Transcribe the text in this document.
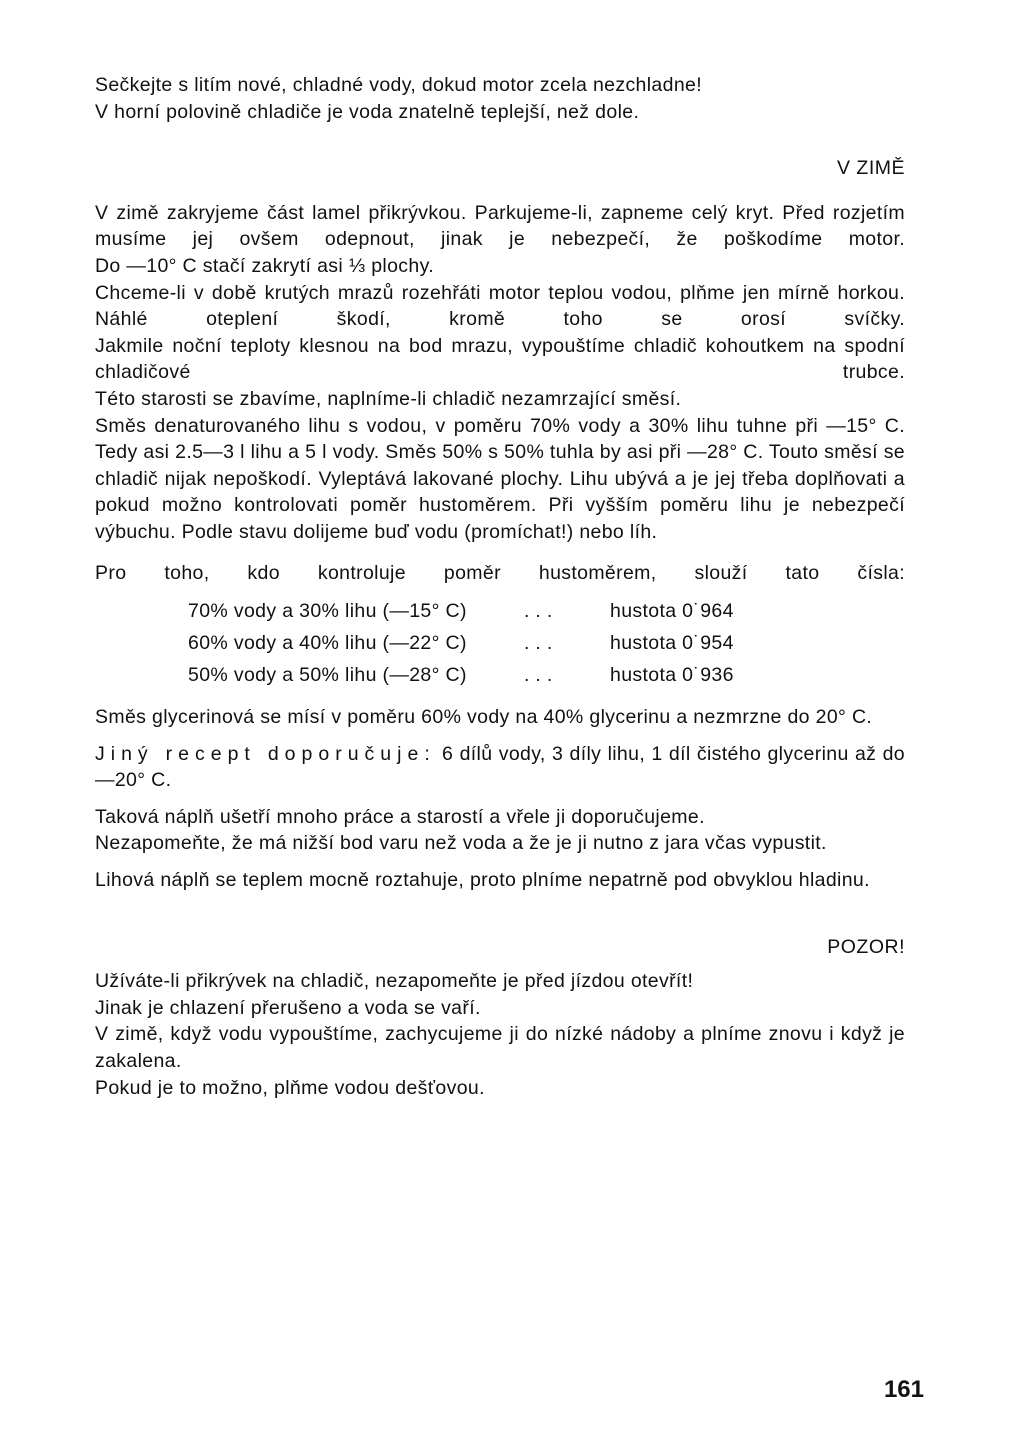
Sečkejte s litím nové, chladné vody, dokud motor zcela nezchladne!

V horní polovině chladiče je voda znatelně teplejší, než dole.

V ZIMĚ

V zimě zakryjeme část lamel přikrývkou. Parkujeme-li, zapneme celý kryt. Před rozjetím musíme jej ovšem odepnout, jinak je nebezpečí, že poškodíme motor.

Do —10° C stačí zakrytí asi ⅓ plochy.

Chceme-li v době krutých mrazů rozehřáti motor teplou vodou, plňme jen mírně horkou. Náhlé oteplení škodí, kromě toho se orosí svíčky.

Jakmile noční teploty klesnou na bod mrazu, vypouštíme chladič kohoutkem na spodní chladičové trubce.

Této starosti se zbavíme, naplníme-li chladič nezamrzající směsí.

Směs denaturovaného lihu s vodou, v poměru 70% vody a 30% lihu tuhne při —15° C. Tedy asi 2.5—3 l lihu a 5 l vody. Směs 50% s 50% tuhla by asi při —28° C. Touto směsí se chladič nijak nepoškodí. Vyleptává lakované plochy. Lihu ubývá a je jej třeba doplňovati a pokud možno kontrolovati poměr hustoměrem. Při vyšším poměru lihu je nebezpečí výbuchu. Podle stavu dolijeme buď vodu (promíchat!) nebo líh.

Pro toho, kdo kontroluje poměr hustoměrem, slouží tato čísla:

70% vody a 30% lihu (—15° C)	...	hustota 0˙964
60% vody a 40% lihu (—22° C)	...	hustota 0˙954
50% vody a 50% lihu (—28° C)	...	hustota 0˙936

Směs glycerinová se mísí v poměru 60% vody na 40% glycerinu a nezmrzne do 20° C.

Jiný recept doporučuje: 6 dílů vody, 3 díly lihu, 1 díl čistého glycerinu až do —20° C.

Taková náplň ušetří mnoho práce a starostí a vřele ji doporučujeme.

Nezapomeňte, že má nižší bod varu než voda a že je ji nutno z jara včas vypustit.

Lihová náplň se teplem mocně roztahuje, proto plníme nepatrně pod obvyklou hladinu.

POZOR!

Užíváte-li přikrývek na chladič, nezapomeňte je před jízdou otevřít!

Jinak je chlazení přerušeno a voda se vaří.

V zimě, když vodu vypouštíme, zachycujeme ji do nízké nádoby a plníme znovu i když je zakalena.

Pokud je to možno, plňme vodou dešťovou.

161
